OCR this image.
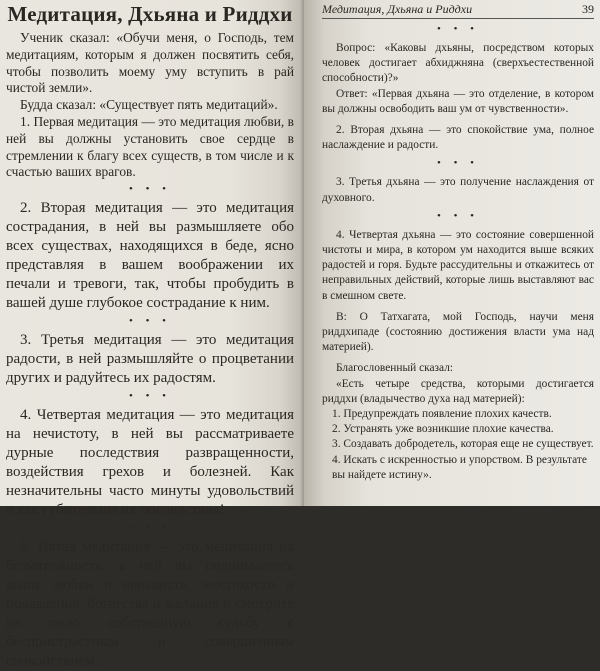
Медитация, Дхьяна и Риддхи

Ученик сказал: «Обучи меня, о Господь, тем медитациям, которым я должен посвятить себя, чтобы позволить моему уму вступить в рай чистой земли».

Будда сказал: «Существует пять медитаций».

1. Первая медитация — это медитация любви, в ней вы должны установить свое сердце в стремлении к благу всех существ, в том числе и к счастью ваших врагов.

• • •

2. Вторая медитация — это медитация сострадания, в ней вы размышляете обо всех существах, находящихся в беде, ясно представляя в вашем воображении их печали и тревоги, так, чтобы пробудить в вашей душе глубокое сострадание к ним.

• • •

3. Третья медитация — это медитация радости, в ней размышляйте о процветании других и радуйтесь их радостям.

• • •

4. Четвертая медитация — это медитация на нечистоту, в ней вы рассматриваете дурные последствия развращенности, воздействия грехов и болезней. Как незначительны часто минуты удовольствий и как губительны их последствия!

• • •

5. Пятая медитация — это медитация на безмятежность, в ней вы поднимаетесь выше любви и ненависти, жестокости и подавления, богатства и желания и смотрите на свою собственную судьбу с беспристрастным и совершенным спокойствием.

Медитация, Дхьяна и Риддхи	39
• • •

Вопрос: «Каковы дхьяны, посредством которых человек достигает абхиджняна (сверхъестественной способности)?»

Ответ: «Первая дхьяна — это отделение, в котором вы должны освободить ваш ум от чувственности».

2. Вторая дхьяна — это спокойствие ума, полное наслаждение и радости.

• • •

3. Третья дхьяна — это получение наслаждения от духовного.

• • •

4. Четвертая дхьяна — это состояние совершенной чистоты и мира, в котором ум находится выше всяких радостей и горя. Будьте рассудительны и откажитесь от неправильных действий, которые лишь выставляют вас в смешном свете.

В: О Татхагата, мой Господь, научи меня риддхипаде (состоянию достижения власти ума над материей).

Благословенный сказал:

«Есть четыре средства, которыми достигается риддхи (владычество духа над материей):

1. Предупреждать появление плохих качеств.

2. Устранять уже возникшие плохие качества.

3. Создавать добродетель, которая еще не существует.

4. Искать с искренностью и упорством. В результате вы найдете истину».
